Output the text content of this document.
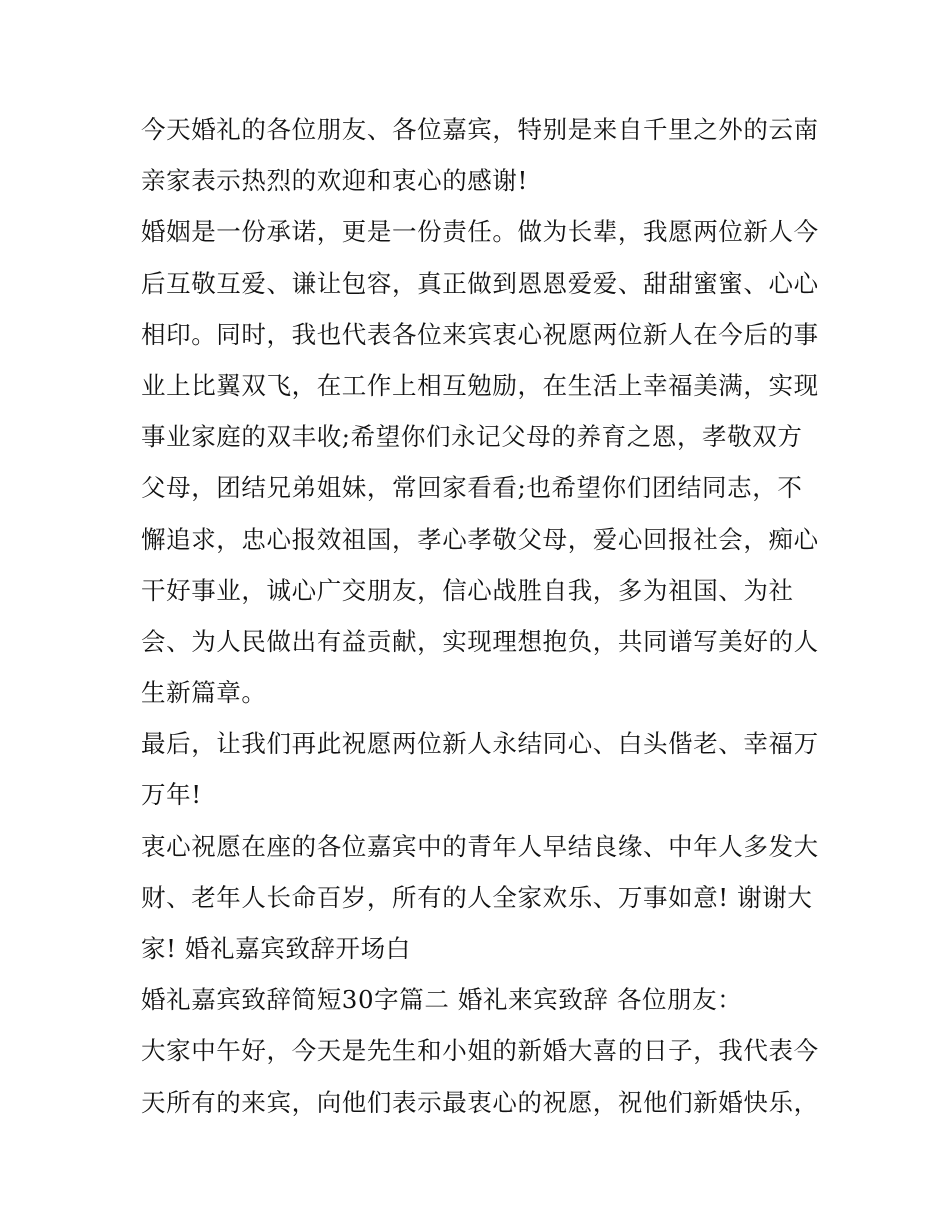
今天婚礼的各位朋友、各位嘉宾，特别是来自千里之外的云南
亲家表示热烈的欢迎和衷心的感谢!
婚姻是一份承诺，更是一份责任。做为长辈，我愿两位新人今
后互敬互爱、谦让包容，真正做到恩恩爱爱、甜甜蜜蜜、心心
相印。同时，我也代表各位来宾衷心祝愿两位新人在今后的事
业上比翼双飞，在工作上相互勉励，在生活上幸福美满，实现
事业家庭的双丰收;希望你们永记父母的养育之恩，孝敬双方
父母，团结兄弟姐妹，常回家看看;也希望你们团结同志，不
懈追求，忠心报效祖国，孝心孝敬父母，爱心回报社会，痴心
干好事业，诚心广交朋友，信心战胜自我，多为祖国、为社
会、为人民做出有益贡献，实现理想抱负，共同谱写美好的人
生新篇章。
最后，让我们再此祝愿两位新人永结同心、白头偕老、幸福万
万年!
衷心祝愿在座的各位嘉宾中的青年人早结良缘、中年人多发大
财、老年人长命百岁，所有的人全家欢乐、万事如意! 谢谢大
家! 婚礼嘉宾致辞开场白
婚礼嘉宾致辞简短30字篇二 婚礼来宾致辞 各位朋友：
大家中午好，今天是先生和小姐的新婚大喜的日子，我代表今
天所有的来宾，向他们表示最衷心的祝愿，祝他们新婚快乐，
